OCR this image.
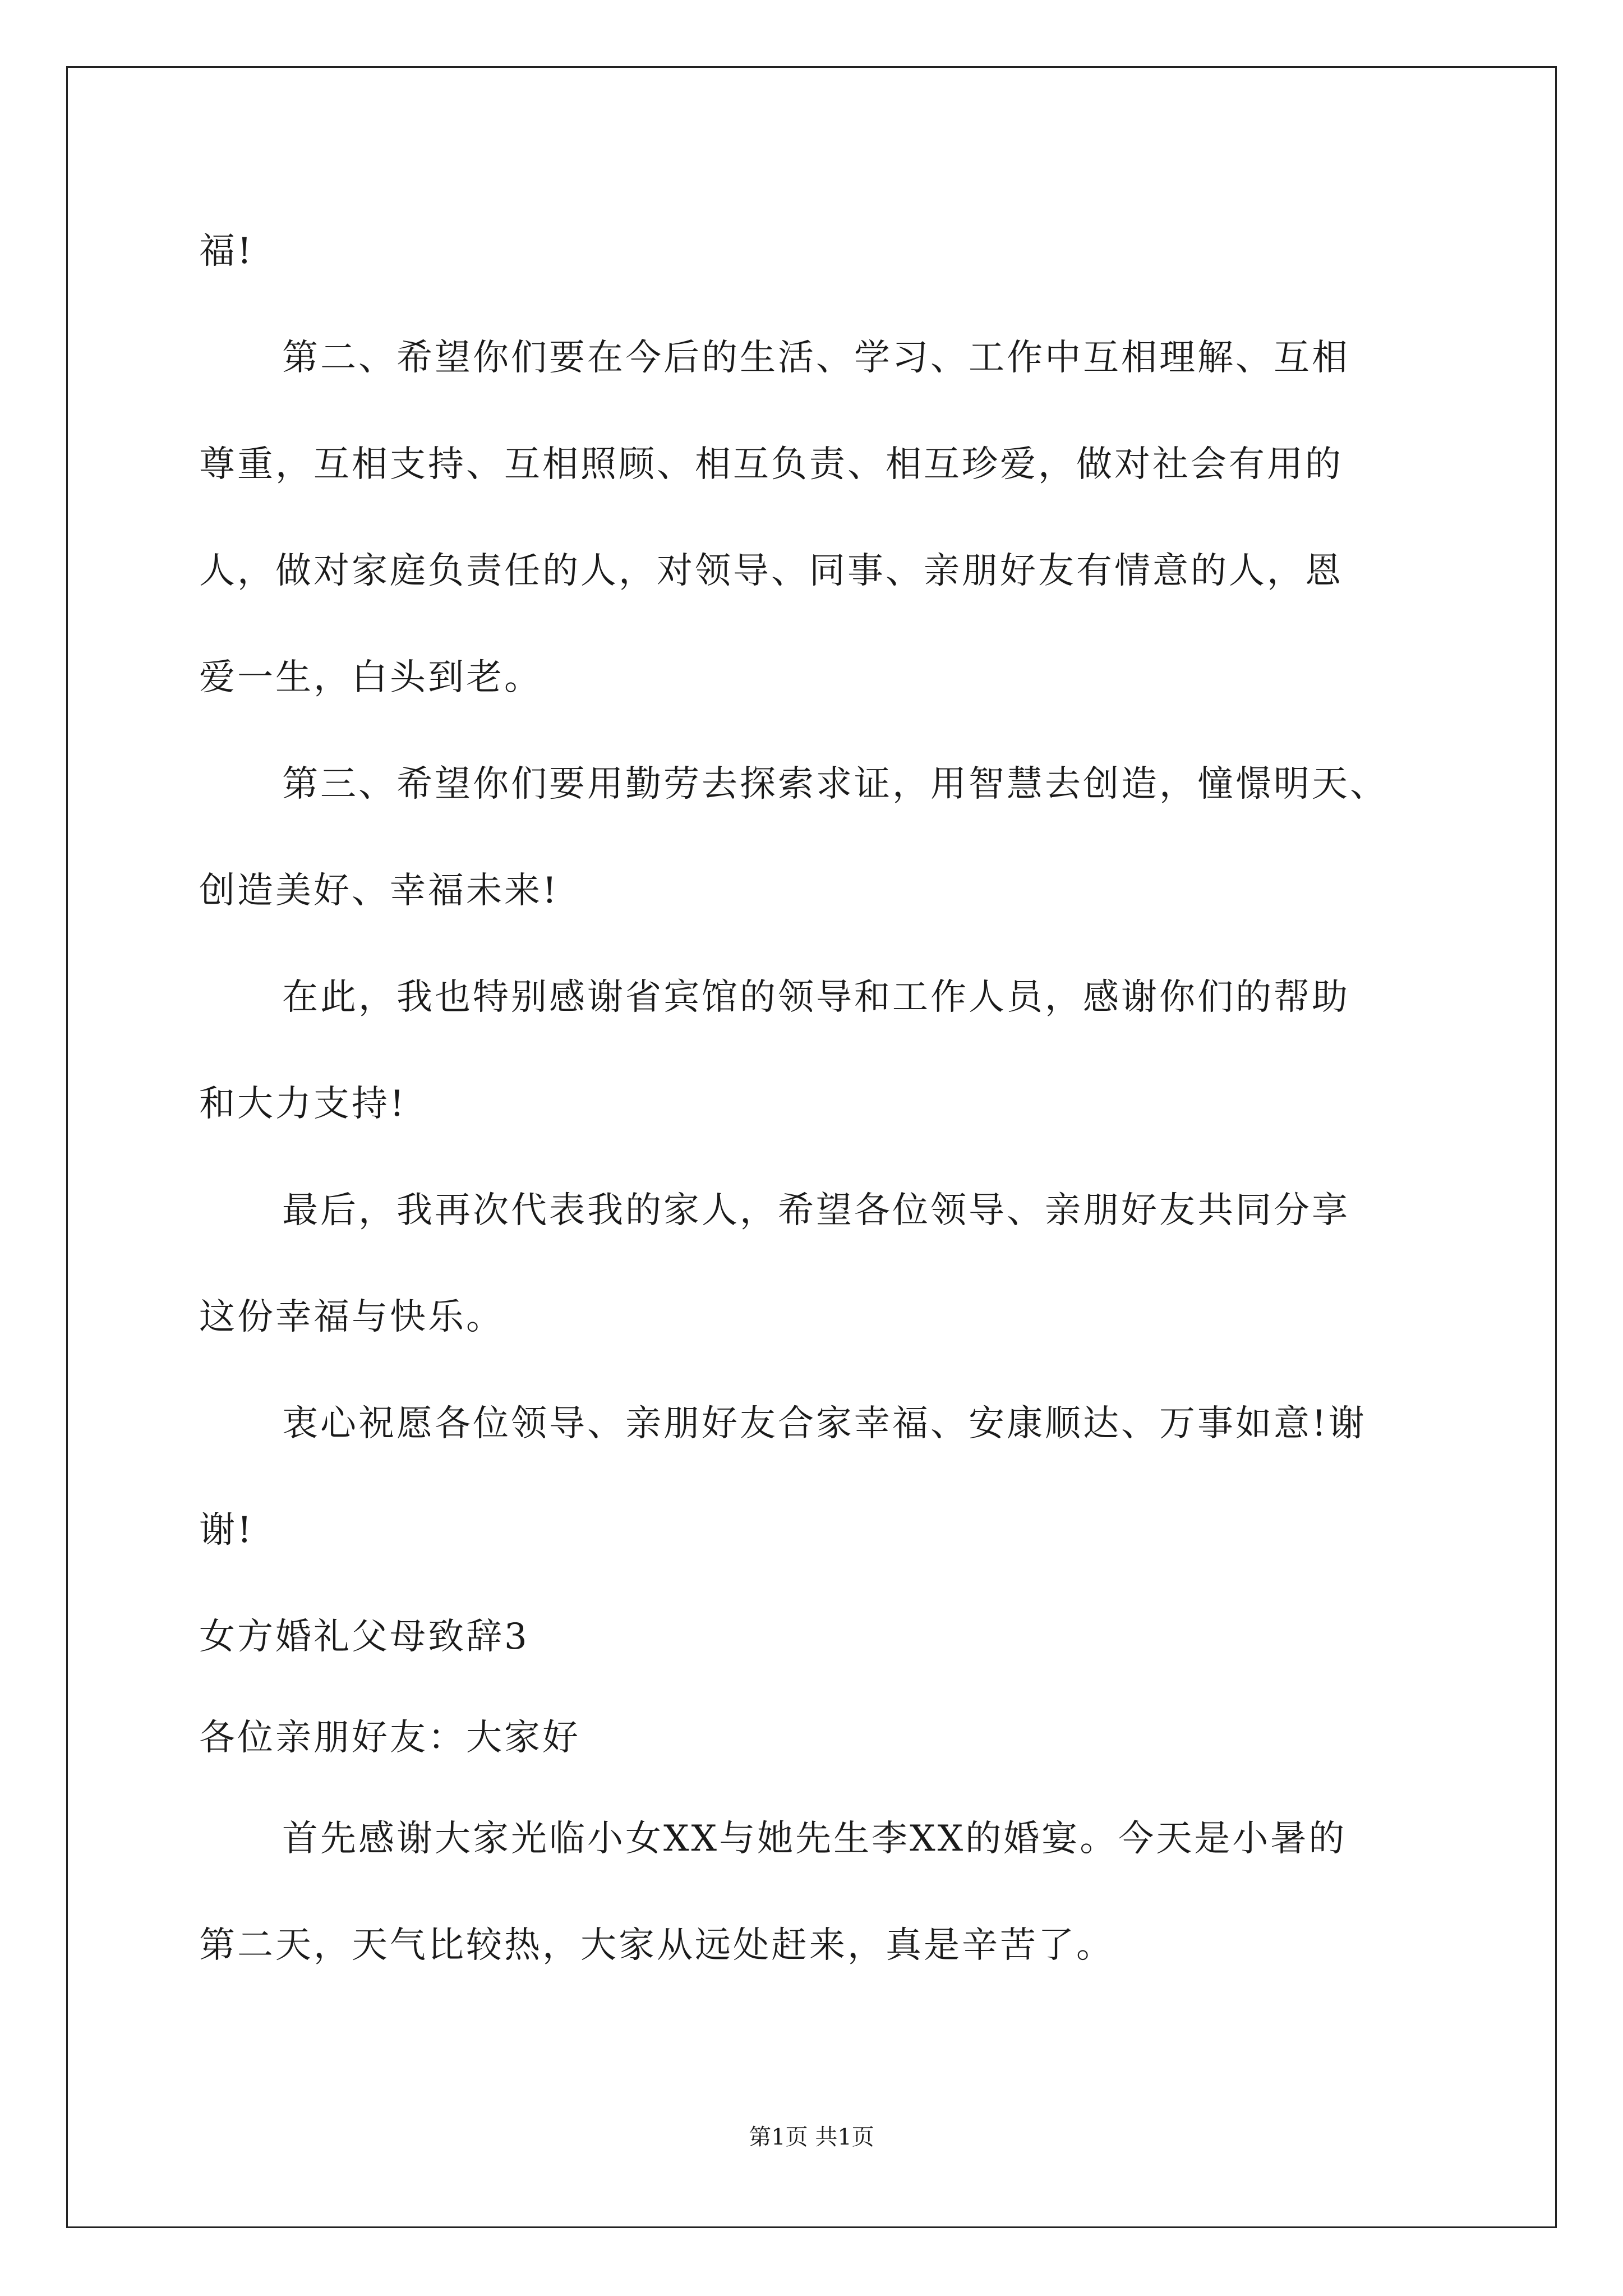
福!
第二、希望你们要在今后的生活、学习、工作中互相理解、互相
尊重，互相支持、互相照顾、相互负责、相互珍爱，做对社会有用的
人，做对家庭负责任的人，对领导、同事、亲朋好友有情意的人，恩
爱一生，白头到老。
第三、希望你们要用勤劳去探索求证，用智慧去创造，憧憬明天、
创造美好、幸福未来!
在此，我也特别感谢省宾馆的领导和工作人员，感谢你们的帮助
和大力支持!
最后，我再次代表我的家人，希望各位领导、亲朋好友共同分享
这份幸福与快乐。
衷心祝愿各位领导、亲朋好友合家幸福、安康顺达、万事如意!谢
谢!
女方婚礼父母致辞3
各位亲朋好友：大家好
首先感谢大家光临小女XX与她先生李XX的婚宴。今天是小暑的
第二天，天气比较热，大家从远处赶来，真是辛苦了。
第1页 共1页
